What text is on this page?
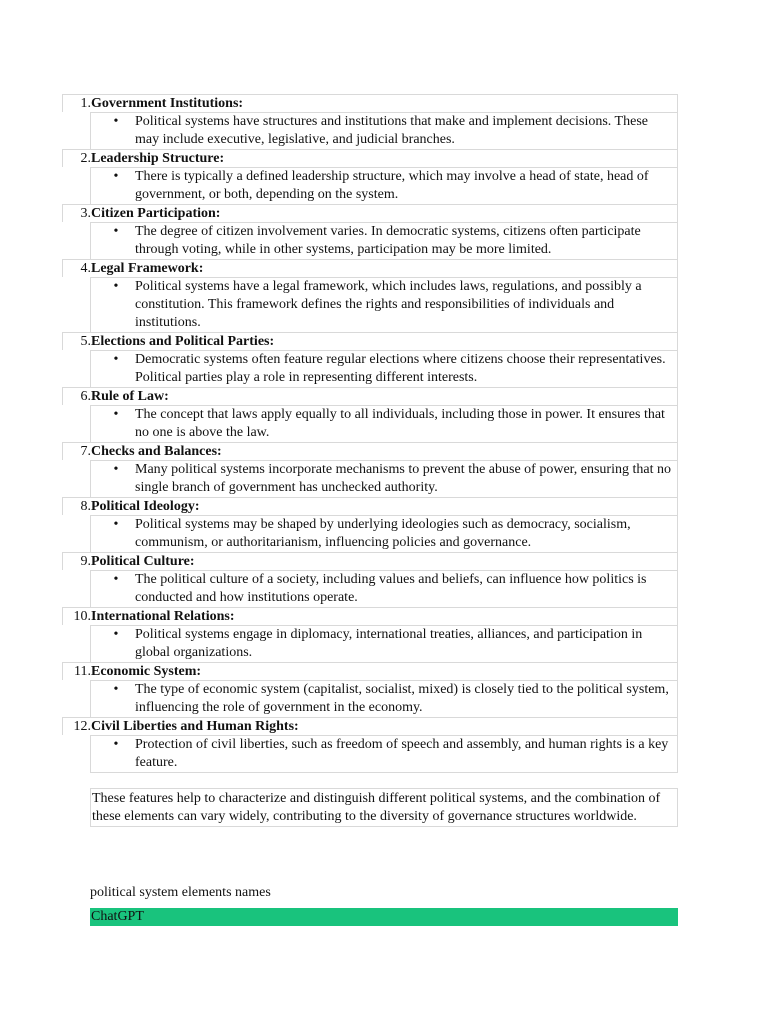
1. Government Institutions:
• Political systems have structures and institutions that make and implement decisions. These may include executive, legislative, and judicial branches.
2. Leadership Structure:
• There is typically a defined leadership structure, which may involve a head of state, head of government, or both, depending on the system.
3. Citizen Participation:
• The degree of citizen involvement varies. In democratic systems, citizens often participate through voting, while in other systems, participation may be more limited.
4. Legal Framework:
• Political systems have a legal framework, which includes laws, regulations, and possibly a constitution. This framework defines the rights and responsibilities of individuals and institutions.
5. Elections and Political Parties:
• Democratic systems often feature regular elections where citizens choose their representatives. Political parties play a role in representing different interests.
6. Rule of Law:
• The concept that laws apply equally to all individuals, including those in power. It ensures that no one is above the law.
7. Checks and Balances:
• Many political systems incorporate mechanisms to prevent the abuse of power, ensuring that no single branch of government has unchecked authority.
8. Political Ideology:
• Political systems may be shaped by underlying ideologies such as democracy, socialism, communism, or authoritarianism, influencing policies and governance.
9. Political Culture:
• The political culture of a society, including values and beliefs, can influence how politics is conducted and how institutions operate.
10. International Relations:
• Political systems engage in diplomacy, international treaties, alliances, and participation in global organizations.
11. Economic System:
• The type of economic system (capitalist, socialist, mixed) is closely tied to the political system, influencing the role of government in the economy.
12. Civil Liberties and Human Rights:
• Protection of civil liberties, such as freedom of speech and assembly, and human rights is a key feature.
These features help to characterize and distinguish different political systems, and the combination of these elements can vary widely, contributing to the diversity of governance structures worldwide.
political system elements names
ChatGPT
